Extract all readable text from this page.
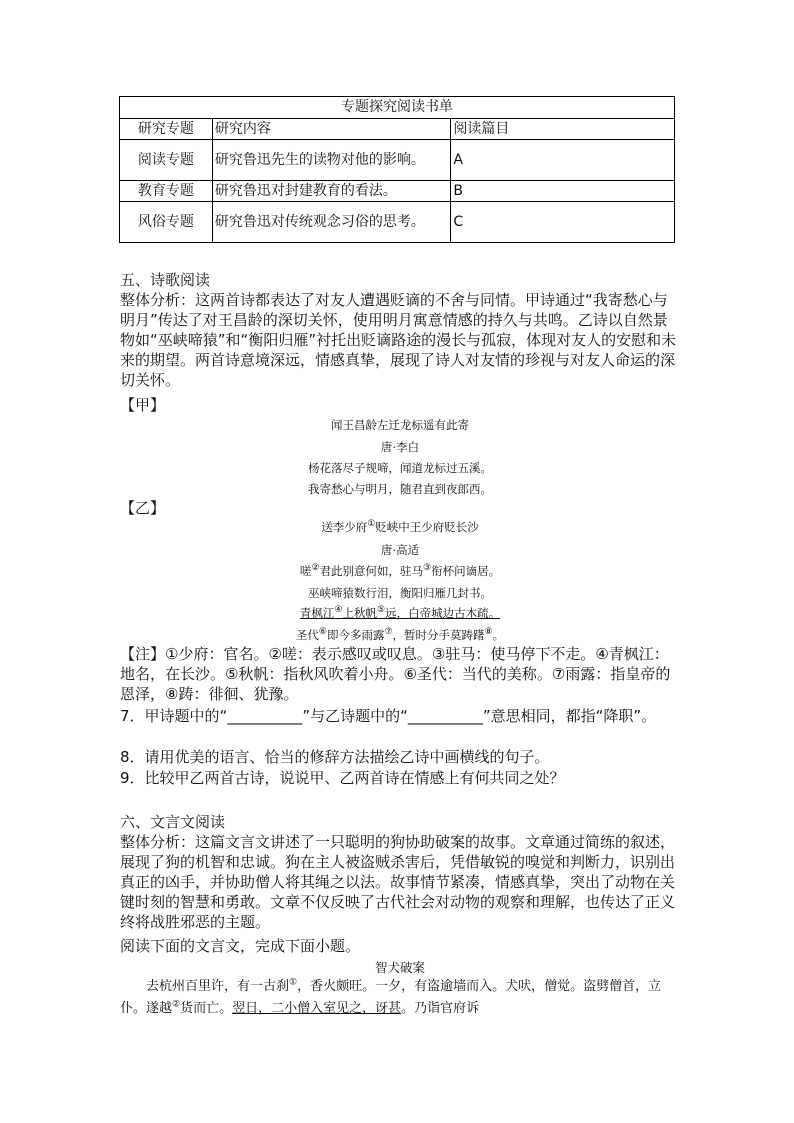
专题探究阅读书单		
研究专题	研究内容	阅读篇目
阅读专题	研究鲁迅先生的读物对他的影响。	A
教育专题	研究鲁迅对封建教育的看法。	B
风俗专题	研究鲁迅对传统观念习俗的思考。	C

五、诗歌阅读

整体分析：这两首诗都表达了对友人遭遇贬谪的不舍与同情。甲诗通过“我寄愁心与明月”传达了对王昌龄的深切关怀，使用明月寓意情感的持久与共鸣。乙诗以自然景物如“巫峡啼猿”和“衡阳归雁”衬托出贬谪路途的漫长与孤寂，体现对友人的安慰和未来的期望。两首诗意境深远，情感真挚，展现了诗人对友情的珍视与对友人命运的深切关怀。

【甲】

闻王昌龄左迁龙标遥有此寄

唐·李白

杨花落尽子规啼，闻道龙标过五溪。

我寄愁心与明月，随君直到夜郎西。

【乙】

送李少府①贬峡中王少府贬长沙

唐·高适

嗟②君此别意何如，驻马③衔杯问谪居。

巫峡啼猿数行泪，衡阳归雁几封书。

青枫江④上秋帆⑤远，白帝城边古木疏。

圣代⑥即今多雨露⑦，暂时分手莫踌躇⑧。

【注】①少府：官名。②嗟：表示感叹或叹息。③驻马：使马停下不走。④青枫江：地名，在长沙。⑤秋帆：指秋风吹着小舟。⑥圣代：当代的美称。⑦雨露：指皇帝的恩泽，⑧踌：徘徊、犹豫。

7．甲诗题中的“__________”与乙诗题中的“__________”意思相同，都指“降职”。

8．请用优美的语言、恰当的修辞方法描绘乙诗中画横线的句子。

9．比较甲乙两首古诗，说说甲、乙两首诗在情感上有何共同之处？

六、文言文阅读

整体分析：这篇文言文讲述了一只聪明的狗协助破案的故事。文章通过简练的叙述，展现了狗的机智和忠诚。狗在主人被盗贼杀害后，凭借敏锐的嗅觉和判断力，识别出真正的凶手，并协助僧人将其绳之以法。故事情节紧凑，情感真挚，突出了动物在关键时刻的智慧和勇敢。文章不仅反映了古代社会对动物的观察和理解，也传达了正义终将战胜邪恶的主题。

阅读下面的文言文，完成下面小题。

智犬破案

去杭州百里许，有一古刹①，香火颇旺。一夕，有盗逾墙而入。犬吠，僧觉。盗劈僧首，立仆。遂越②货而亡。翌日，二小僧入室见之，讶甚。乃诣官府诉
